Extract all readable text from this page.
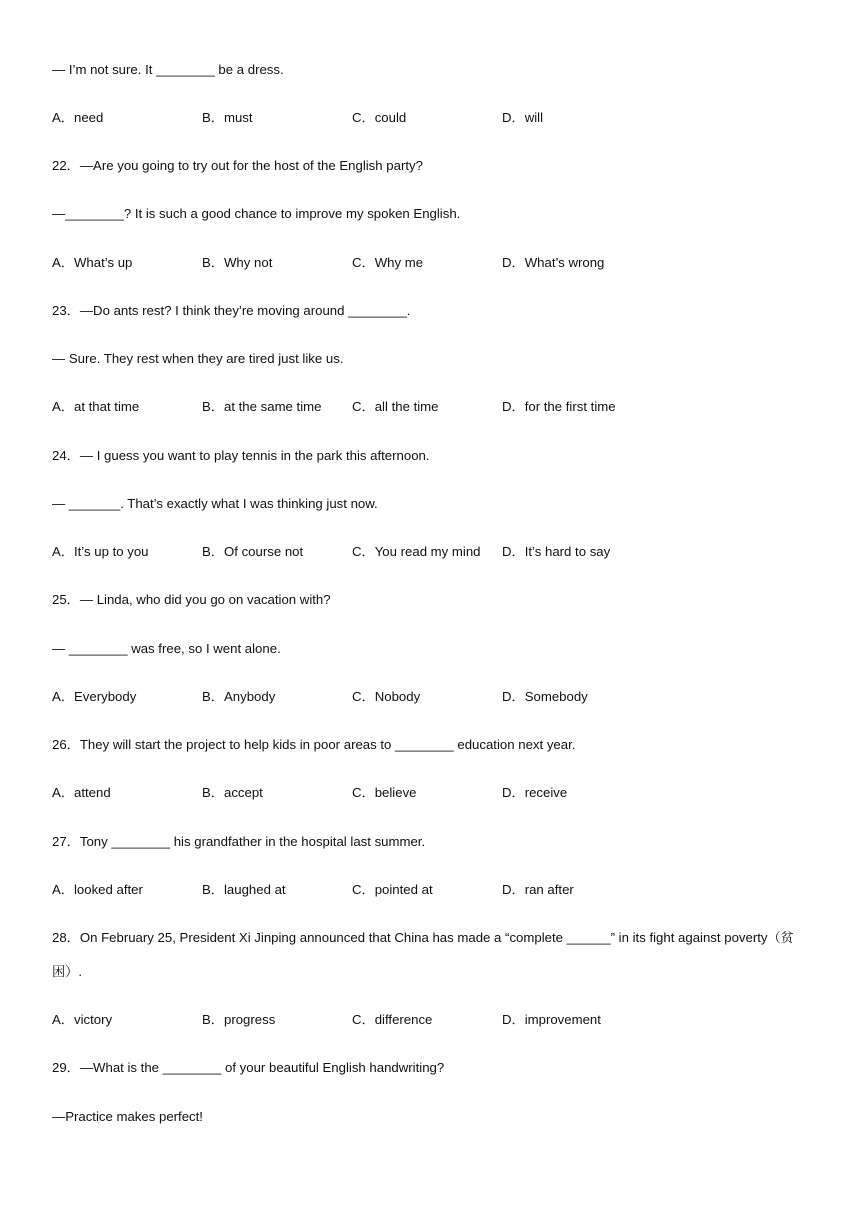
— I’m not sure. It ________ be a dress.
A．need	B．must	C．could	D．will
22．—Are you going to try out for the host of the English party?
—________? It is such a good chance to improve my spoken English.
A．What’s up	B．Why not	C．Why me	D．What’s wrong
23．—Do ants rest? I think they’re moving around ________.
— Sure. They rest when they are tired just like us.
A．at that time	B．at the same time C．all the time	D．for the first time
24．— I guess you want to play tennis in the park this afternoon.
— _______. That’s exactly what I was thinking just now.
A．It’s up to you	B．Of course not	C．You read my mind D．It’s hard to say
25．— Linda, who did you go on vacation with?
— ________ was free, so I went alone.
A．Everybody	B．Anybody	C．Nobody	D．Somebody
26．They will start the project to help kids in poor areas to ________ education next year.
A．attend	B．accept	C．believe	D．receive
27．Tony ________ his grandfather in the hospital last summer.
A．looked after	B．laughed at	C．pointed at	D．ran after
28．On February 25, President Xi Jinping announced that China has made a “complete ______” in its fight against poverty（贫困）.
A．victory	B．progress	C．difference	D．improvement
29．—What is the ________ of your beautiful English handwriting?
—Practice makes perfect!
